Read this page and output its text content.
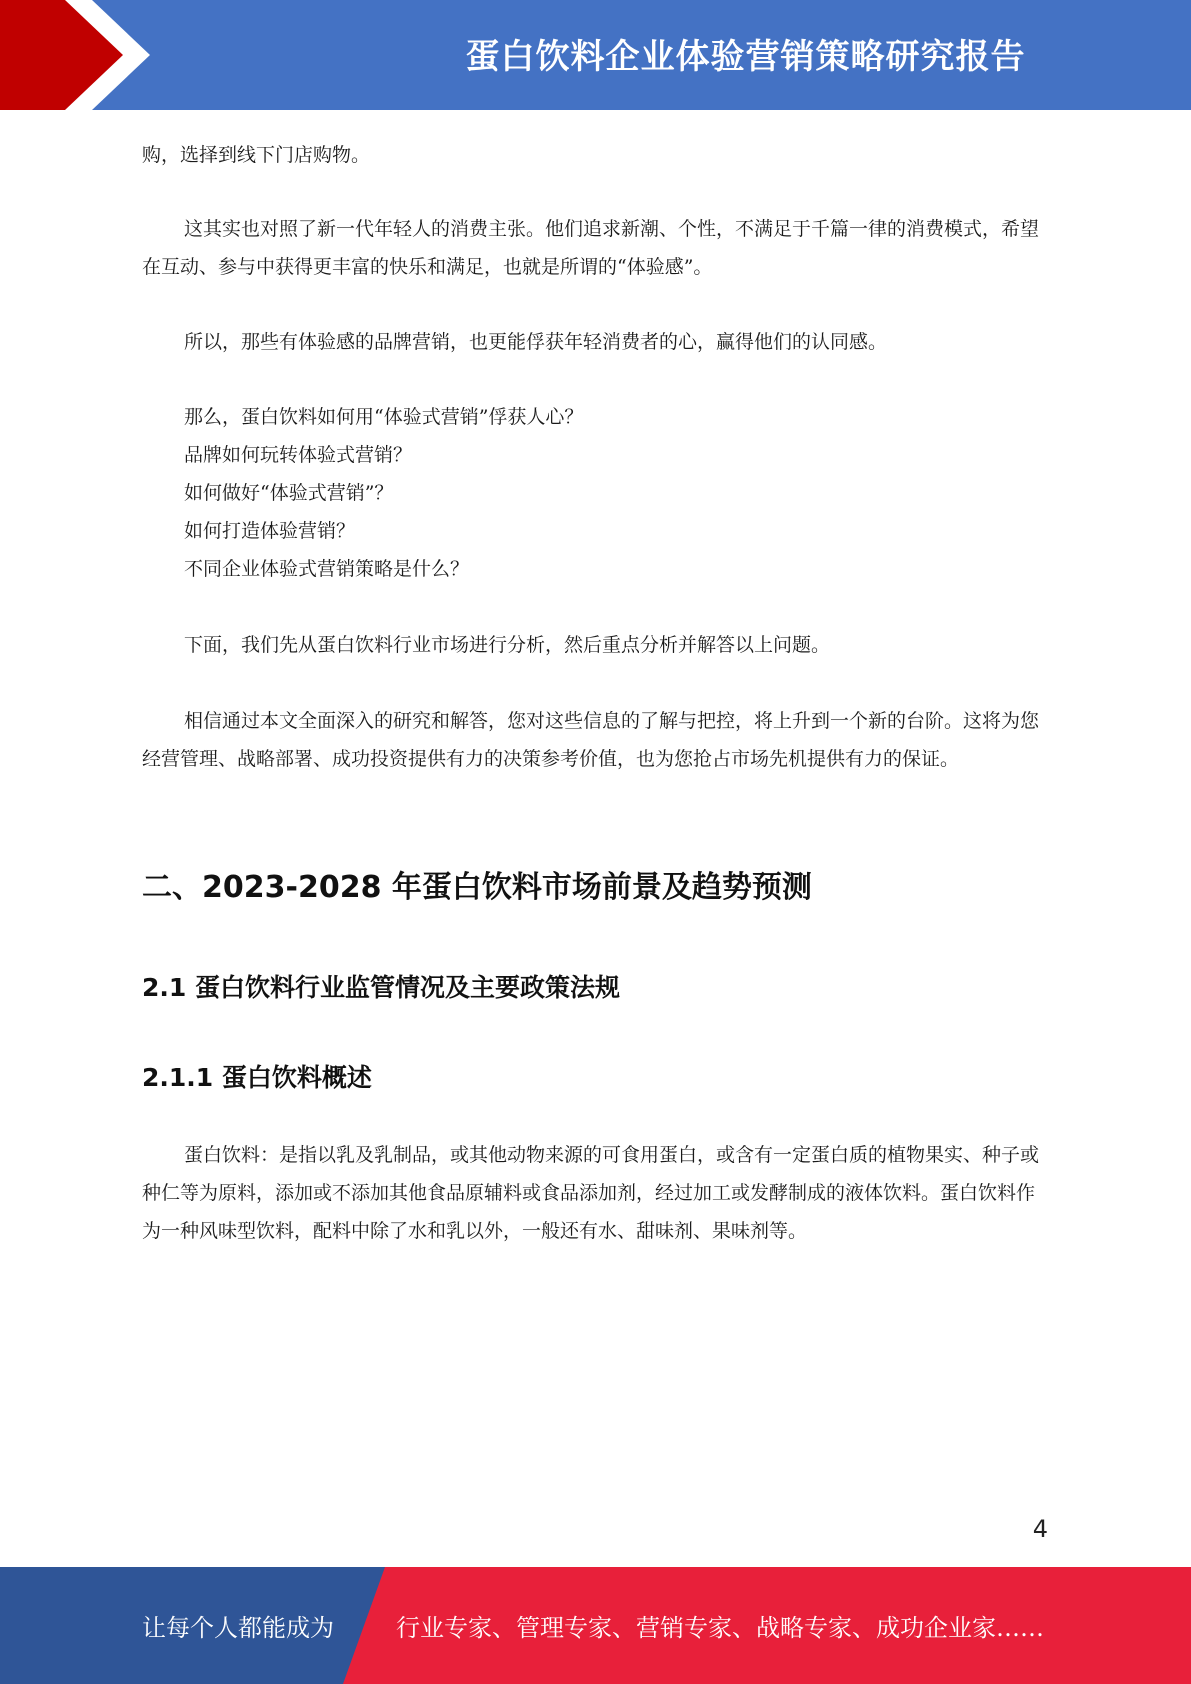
蛋白饮料企业体验营销策略研究报告

购，选择到线下门店购物。

这其实也对照了新一代年轻人的消费主张。他们追求新潮、个性，不满足于千篇一律的消费模式，希望在互动、参与中获得更丰富的快乐和满足，也就是所谓的“体验感”。

所以，那些有体验感的品牌营销，也更能俘获年轻消费者的心，赢得他们的认同感。

那么，蛋白饮料如何用“体验式营销”俘获人心？

品牌如何玩转体验式营销？

如何做好“体验式营销”？

如何打造体验营销？

不同企业体验式营销策略是什么？

下面，我们先从蛋白饮料行业市场进行分析，然后重点分析并解答以上问题。

相信通过本文全面深入的研究和解答，您对这些信息的了解与把控，将上升到一个新的台阶。这将为您经营管理、战略部署、成功投资提供有力的决策参考价值，也为您抢占市场先机提供有力的保证。

二、2023-2028 年蛋白饮料市场前景及趋势预测
2.1 蛋白饮料行业监管情况及主要政策法规
2.1.1 蛋白饮料概述

蛋白饮料：是指以乳及乳制品，或其他动物来源的可食用蛋白，或含有一定蛋白质的植物果实、种子或种仁等为原料，添加或不添加其他食品原辅料或食品添加剂，经过加工或发酵制成的液体饮料。蛋白饮料作为一种风味型饮料，配料中除了水和乳以外，一般还有水、甜味剂、果味剂等。

4
让每个人都能成为	行业专家、管理专家、营销专家、战略专家、成功企业家……
